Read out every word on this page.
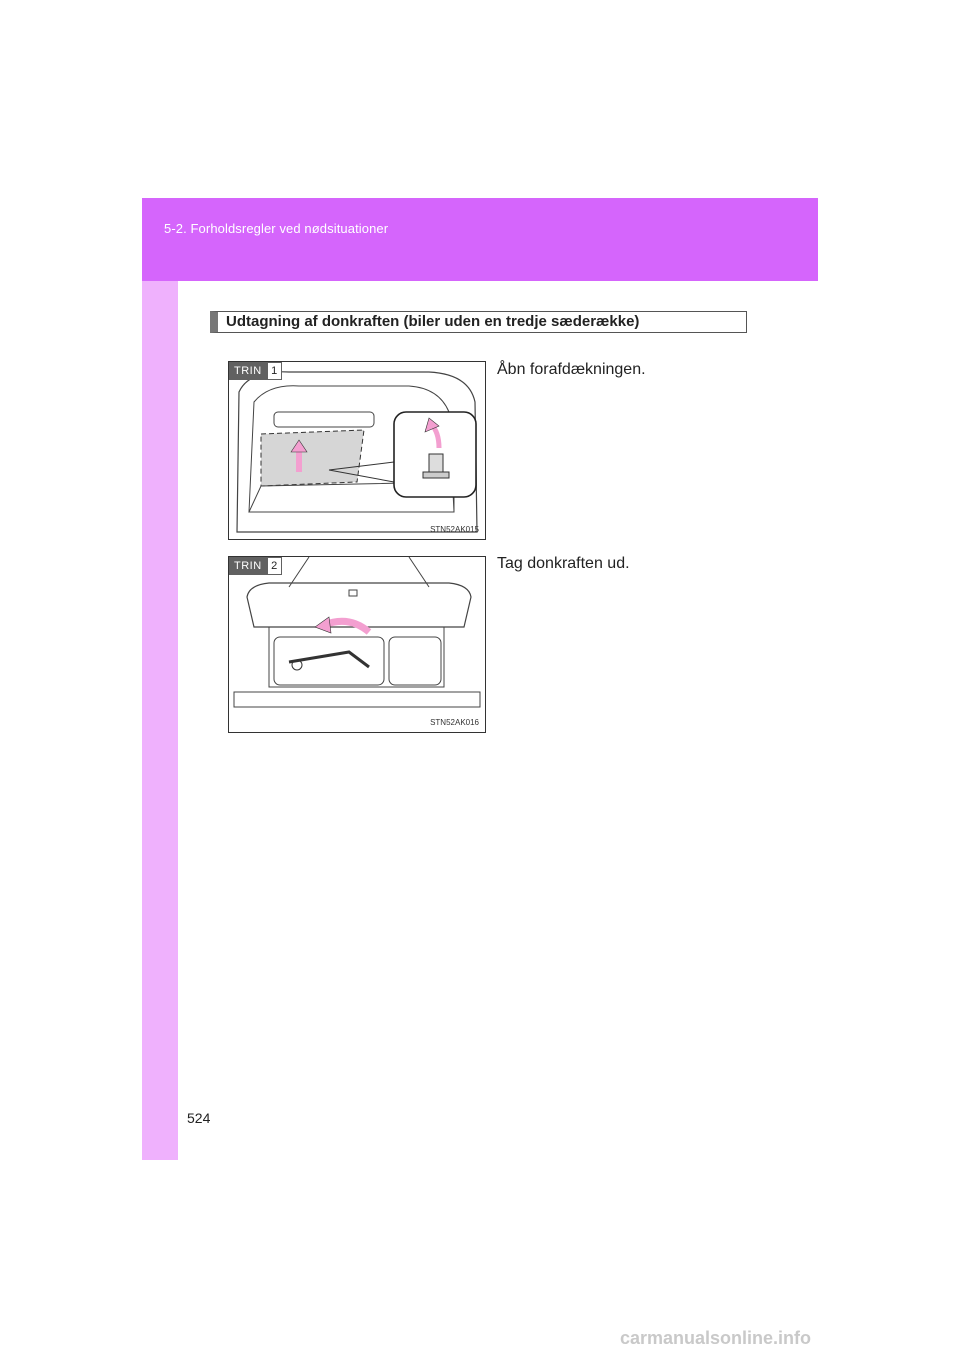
5-2. Forholdsregler ved nødsituationer
Udtagning af donkraften (biler uden en tredje sæderække)
TRIN 1
STN52AK015
Åbn forafdækningen.
TRIN 2
STN52AK016
Tag donkraften ud.
524
carmanualsonline.info
